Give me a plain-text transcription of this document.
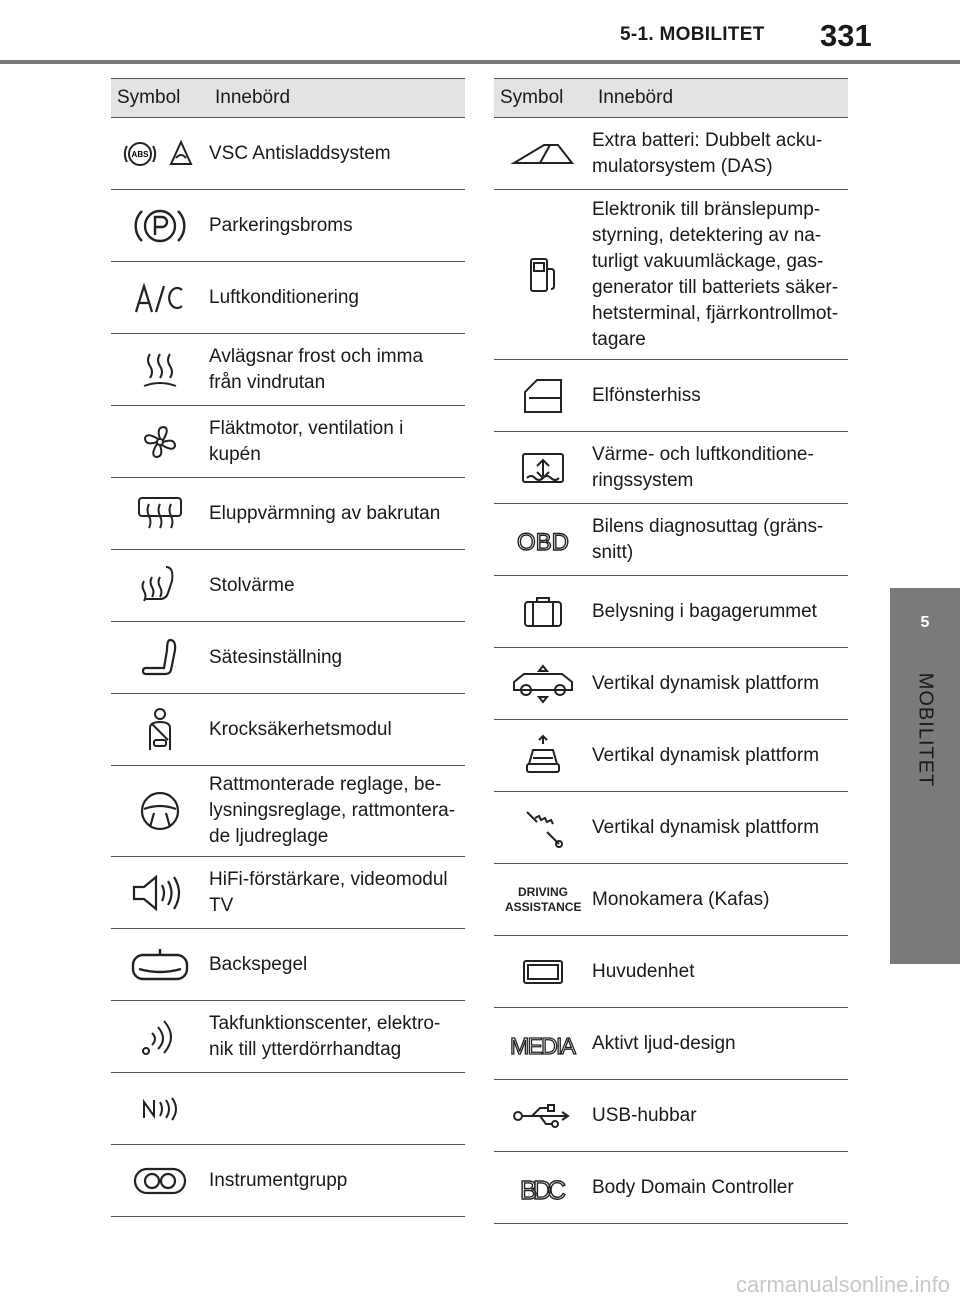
5-1. MOBILITET 331
5
MOBILITET
Symbol	Innebörd

ABS	VSC Antisladdsystem
	Parkeringsbroms
	Luftkonditionering
	Avlägsnar frost och imma från vindrutan
	Fläktmotor, ventilation i kupén
	Eluppvärmning av bakrutan
	Stolvärme
	Sätesinställning
	Krocksäkerhetsmodul
	Rattmonterade reglage, be-lysningsreglage, rattmontera-de ljudreglage
	HiFi-förstärkare, videomodul TV
	Backspegel
	Takfunktionscenter, elektro-nik till ytterdörrhandtag

	Instrumentgrupp
Symbol	Innebörd
	Extra batteri: Dubbelt acku-mulatorsystem (DAS)
	Elektronik till bränslepump-styrning, detektering av na-turligt vakuumläckage, gas-generator till batteriets säker-hetsterminal, fjärrkontrollmot-tagare
	Elfönsterhiss
	Värme- och luftkonditione-ringssystem

OBD	Bilens diagnosuttag (gräns-snitt)
	Belysning i bagagerummet
	Vertikal dynamisk plattform
	Vertikal dynamisk plattform
	Vertikal dynamisk plattform

DRIVING ASSISTANCE	Monokamera (Kafas)
	Huvudenhet

MEDIA	Aktivt ljud-design
	USB-hubbar

BDC	Body Domain Controller
carmanualsonline.info
